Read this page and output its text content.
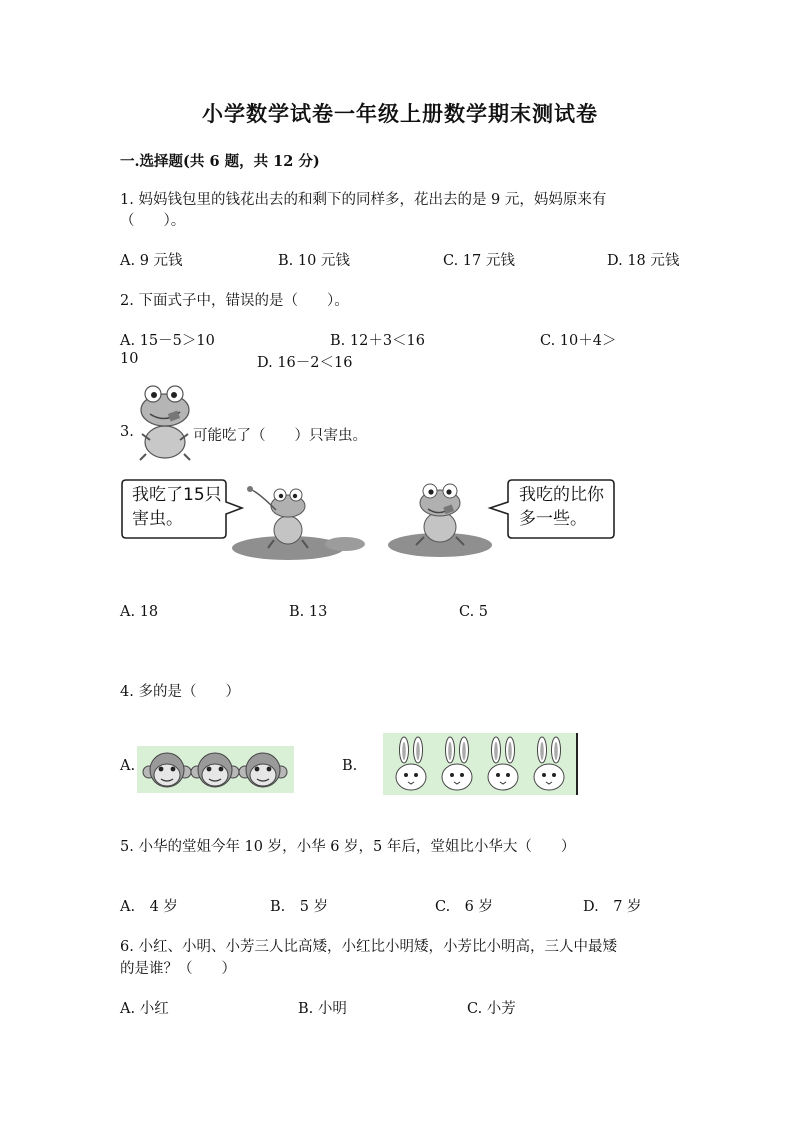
小学数学试卷一年级上册数学期末测试卷
一.选择题(共 6 题，共 12 分)
1. 妈妈钱包里的钱花出去的和剩下的同样多，花出去的是 9 元，妈妈原来有
（　　）。
A. 9 元钱	B. 10 元钱	C. 17 元钱	D. 18 元钱
2. 下面式子中，错误的是（　　）。
A. 15－5＞10	B. 12＋3＜16	C. 10＋4＞
10	D. 16－2＜16
3.	可能吃了（　　）只害虫。
我吃了15只
害虫。
我吃的比你
多一些。
A. 18	B. 13	C. 5
4. 多的是（　　）
A.	B.
5. 小华的堂姐今年 10 岁，小华 6 岁，5 年后，堂姐比小华大（　　）
A.　4 岁	B.　5 岁	C.　6 岁	D.　7 岁
6. 小红、小明、小芳三人比高矮，小红比小明矮，小芳比小明高，三人中最矮
的是谁？（　　）
A. 小红	B. 小明	C. 小芳
